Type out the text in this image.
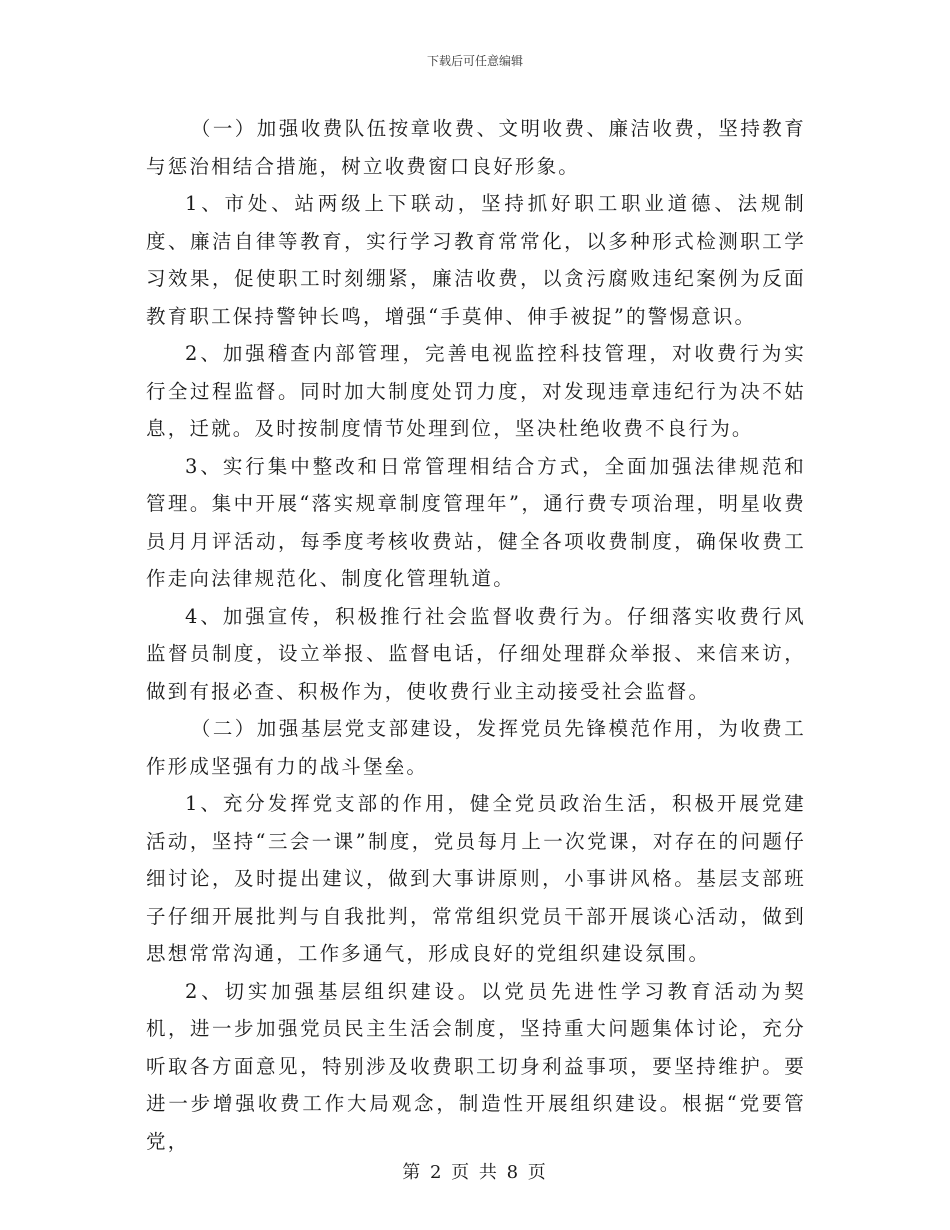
下载后可任意编辑

（一）加强收费队伍按章收费、文明收费、廉洁收费，坚持教育与惩治相结合措施，树立收费窗口良好形象。

1、市处、站两级上下联动，坚持抓好职工职业道德、法规制度、廉洁自律等教育，实行学习教育常常化，以多种形式检测职工学习效果，促使职工时刻绷紧，廉洁收费，以贪污腐败违纪案例为反面教育职工保持警钟长鸣，增强“手莫伸、伸手被捉”的警惕意识。

2、加强稽查内部管理，完善电视监控科技管理，对收费行为实行全过程监督。同时加大制度处罚力度，对发现违章违纪行为决不姑息，迁就。及时按制度情节处理到位，坚决杜绝收费不良行为。

3、实行集中整改和日常管理相结合方式，全面加强法律规范和管理。集中开展“落实规章制度管理年”，通行费专项治理，明星收费员月月评活动，每季度考核收费站，健全各项收费制度，确保收费工作走向法律规范化、制度化管理轨道。

4、加强宣传，积极推行社会监督收费行为。仔细落实收费行风监督员制度，设立举报、监督电话，仔细处理群众举报、来信来访，做到有报必查、积极作为，使收费行业主动接受社会监督。

（二）加强基层党支部建设，发挥党员先锋模范作用，为收费工作形成坚强有力的战斗堡垒。

1、充分发挥党支部的作用，健全党员政治生活，积极开展党建活动，坚持“三会一课”制度，党员每月上一次党课，对存在的问题仔细讨论，及时提出建议，做到大事讲原则，小事讲风格。基层支部班子仔细开展批判与自我批判，常常组织党员干部开展谈心活动，做到思想常常沟通，工作多通气，形成良好的党组织建设氛围。

2、切实加强基层组织建设。以党员先进性学习教育活动为契机，进一步加强党员民主生活会制度，坚持重大问题集体讨论，充分听取各方面意见，特别涉及收费职工切身利益事项，要坚持维护。要进一步增强收费工作大局观念，制造性开展组织建设。根据“党要管党，

第 2 页 共 8 页
